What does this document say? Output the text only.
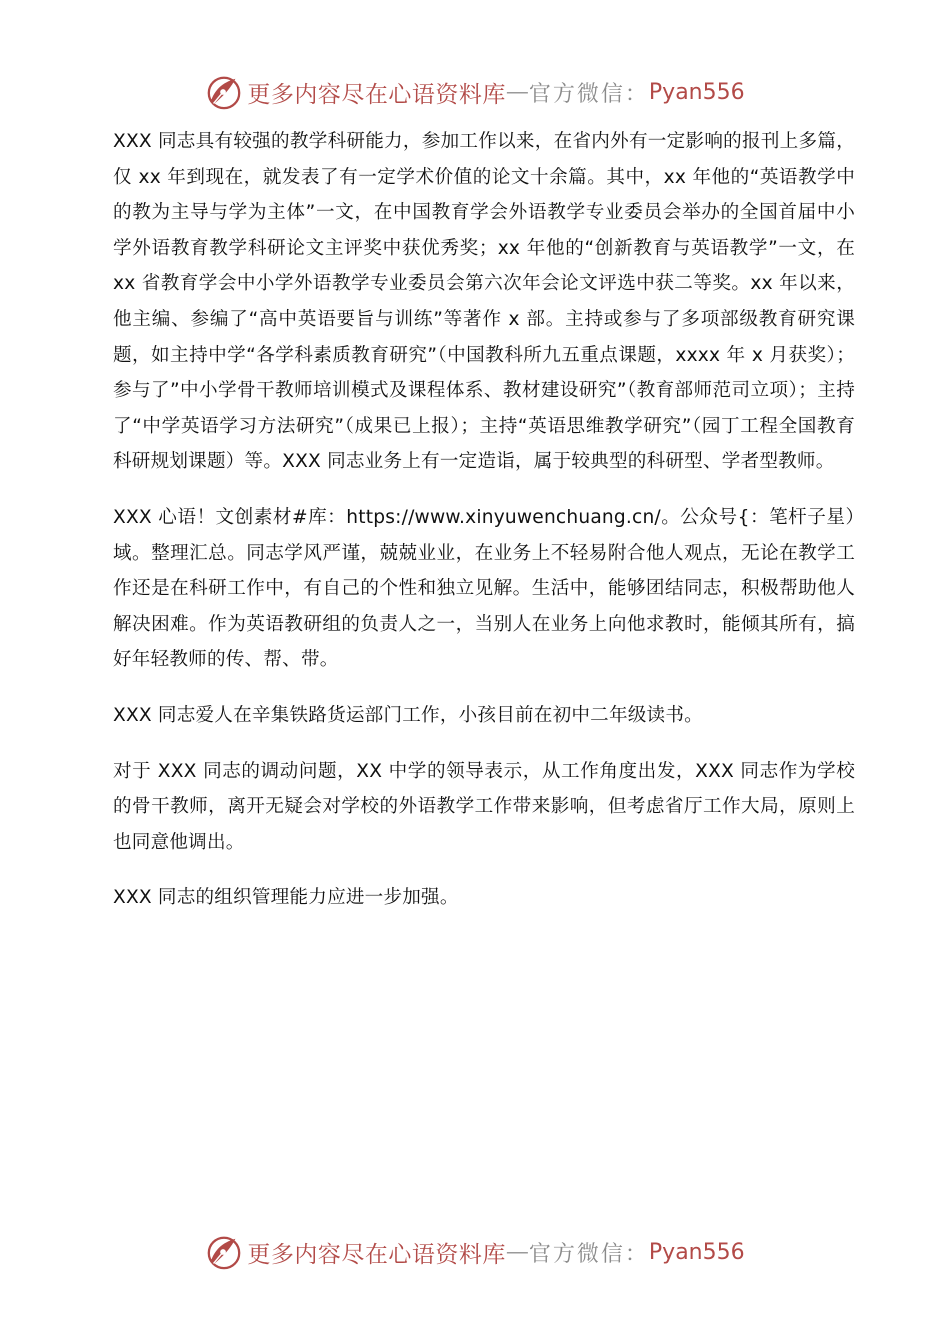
更多内容尽在心语资料库 — 官方微信： Pyan556

XXX 同志具有较强的教学科研能力，参加工作以来，在省内外有一定影响的报刊上多篇， 仅 xx 年到现在，就发表了有一定学术价值的论文十余篇。其中，xx 年他的“英语教学中的教为主导与学为主体”一文，在中国教育学会外语教学专业委员会举办的全国首届中小学外语教育教学科研论文主评奖中获优秀奖；xx 年他的“创新教育与英语教学”一文，在 xx 省教育学会中小学外语教学专业委员会第六次年会论文评选中获二等奖。xx 年以来，他主编、参编了“高中英语要旨与训练”等著作 x 部。主持或参与了多项部级教育研究课题，如主持中学“各学科素质教育研究”（中国教科所九五重点课题，xxxx 年 x 月获奖）；参与了”中小学骨干教师培训模式及课程体系、教材建设研究”（教育部师范司立项）；主持了“中学英语学习方法研究”（成果已上报）；主持“英语思维教学研究”（园丁工程全国教育科研规划课题）等。XXX 同志业务上有一定造诣，属于较典型的科研型、学者型教师。

XXX 心语！文创素材#库：https://www.xinyuwenchuang.cn/。公众号{：笔杆子星）域。整理汇总。同志学风严谨，兢兢业业，在业务上不轻易附合他人观点，无论在教学工作还是在科研工作中，有自己的个性和独立见解。生活中，能够团结同志，积极帮助他人解决困难。作为英语教研组的负责人之一，当别人在业务上向他求教时，能倾其所有，搞好年轻教师的传、帮、带。

XXX 同志爱人在辛集铁路货运部门工作，小孩目前在初中二年级读书。

对于 XXX 同志的调动问题，XX 中学的领导表示，从工作角度出发，XXX 同志作为学校的骨干教师，离开无疑会对学校的外语教学工作带来影响，但考虑省厅工作大局，原则上也同意他调出。

XXX 同志的组织管理能力应进一步加强。

更多内容尽在心语资料库 — 官方微信： Pyan556
